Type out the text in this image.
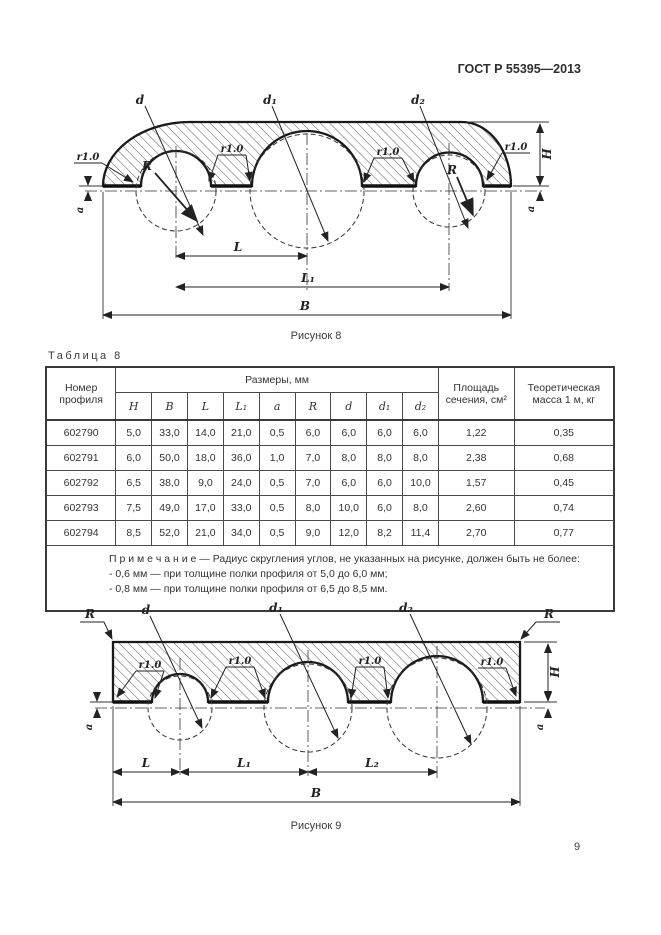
ГОСТ Р 55395—2013
d	d₁	d₂
r1.0
r1.0	r1.0	r1.0
R	R
L
L₁
B
H
a
a
Рисунок 8
Таблица 8
Номер профиля	Размеры, мм									Площадь сечения, см²	Теоретическая масса 1 м, кг
	H	B	L	L₁	a	R	d	d₁	d₂		
602790	5,0	33,0	14,0	21,0	0,5	6,0	6,0	6,0	6,0	1,22	0,35
602791	6,0	50,0	18,0	36,0	1,0	7,0	8,0	8,0	8,0	2,38	0,68
602792	6,5	38,0	9,0	24,0	0,5	7,0	6,0	6,0	10,0	1,57	0,45
602793	7,5	49,0	17,0	33,0	0,5	8,0	10,0	6,0	8,0	2,60	0,74
602794	8,5	52,0	21,0	34,0	0,5	9,0	12,0	8,2	11,4	2,70	0,77

П р и м е ч а н и е — Радиус скругления углов, не указанных на рисунке, должен быть не более:
- 0,6 мм — при толщине полки профиля от 5,0 до 6,0 мм;
- 0,8 мм — при толщине полки профиля от 6,5 до 8,5 мм.											
R	R
d	d₁	d₂
r1.0	r1.0	r1.0	r1.0
L	L₁	L₂
B
H
a
a
Рисунок 9
9
